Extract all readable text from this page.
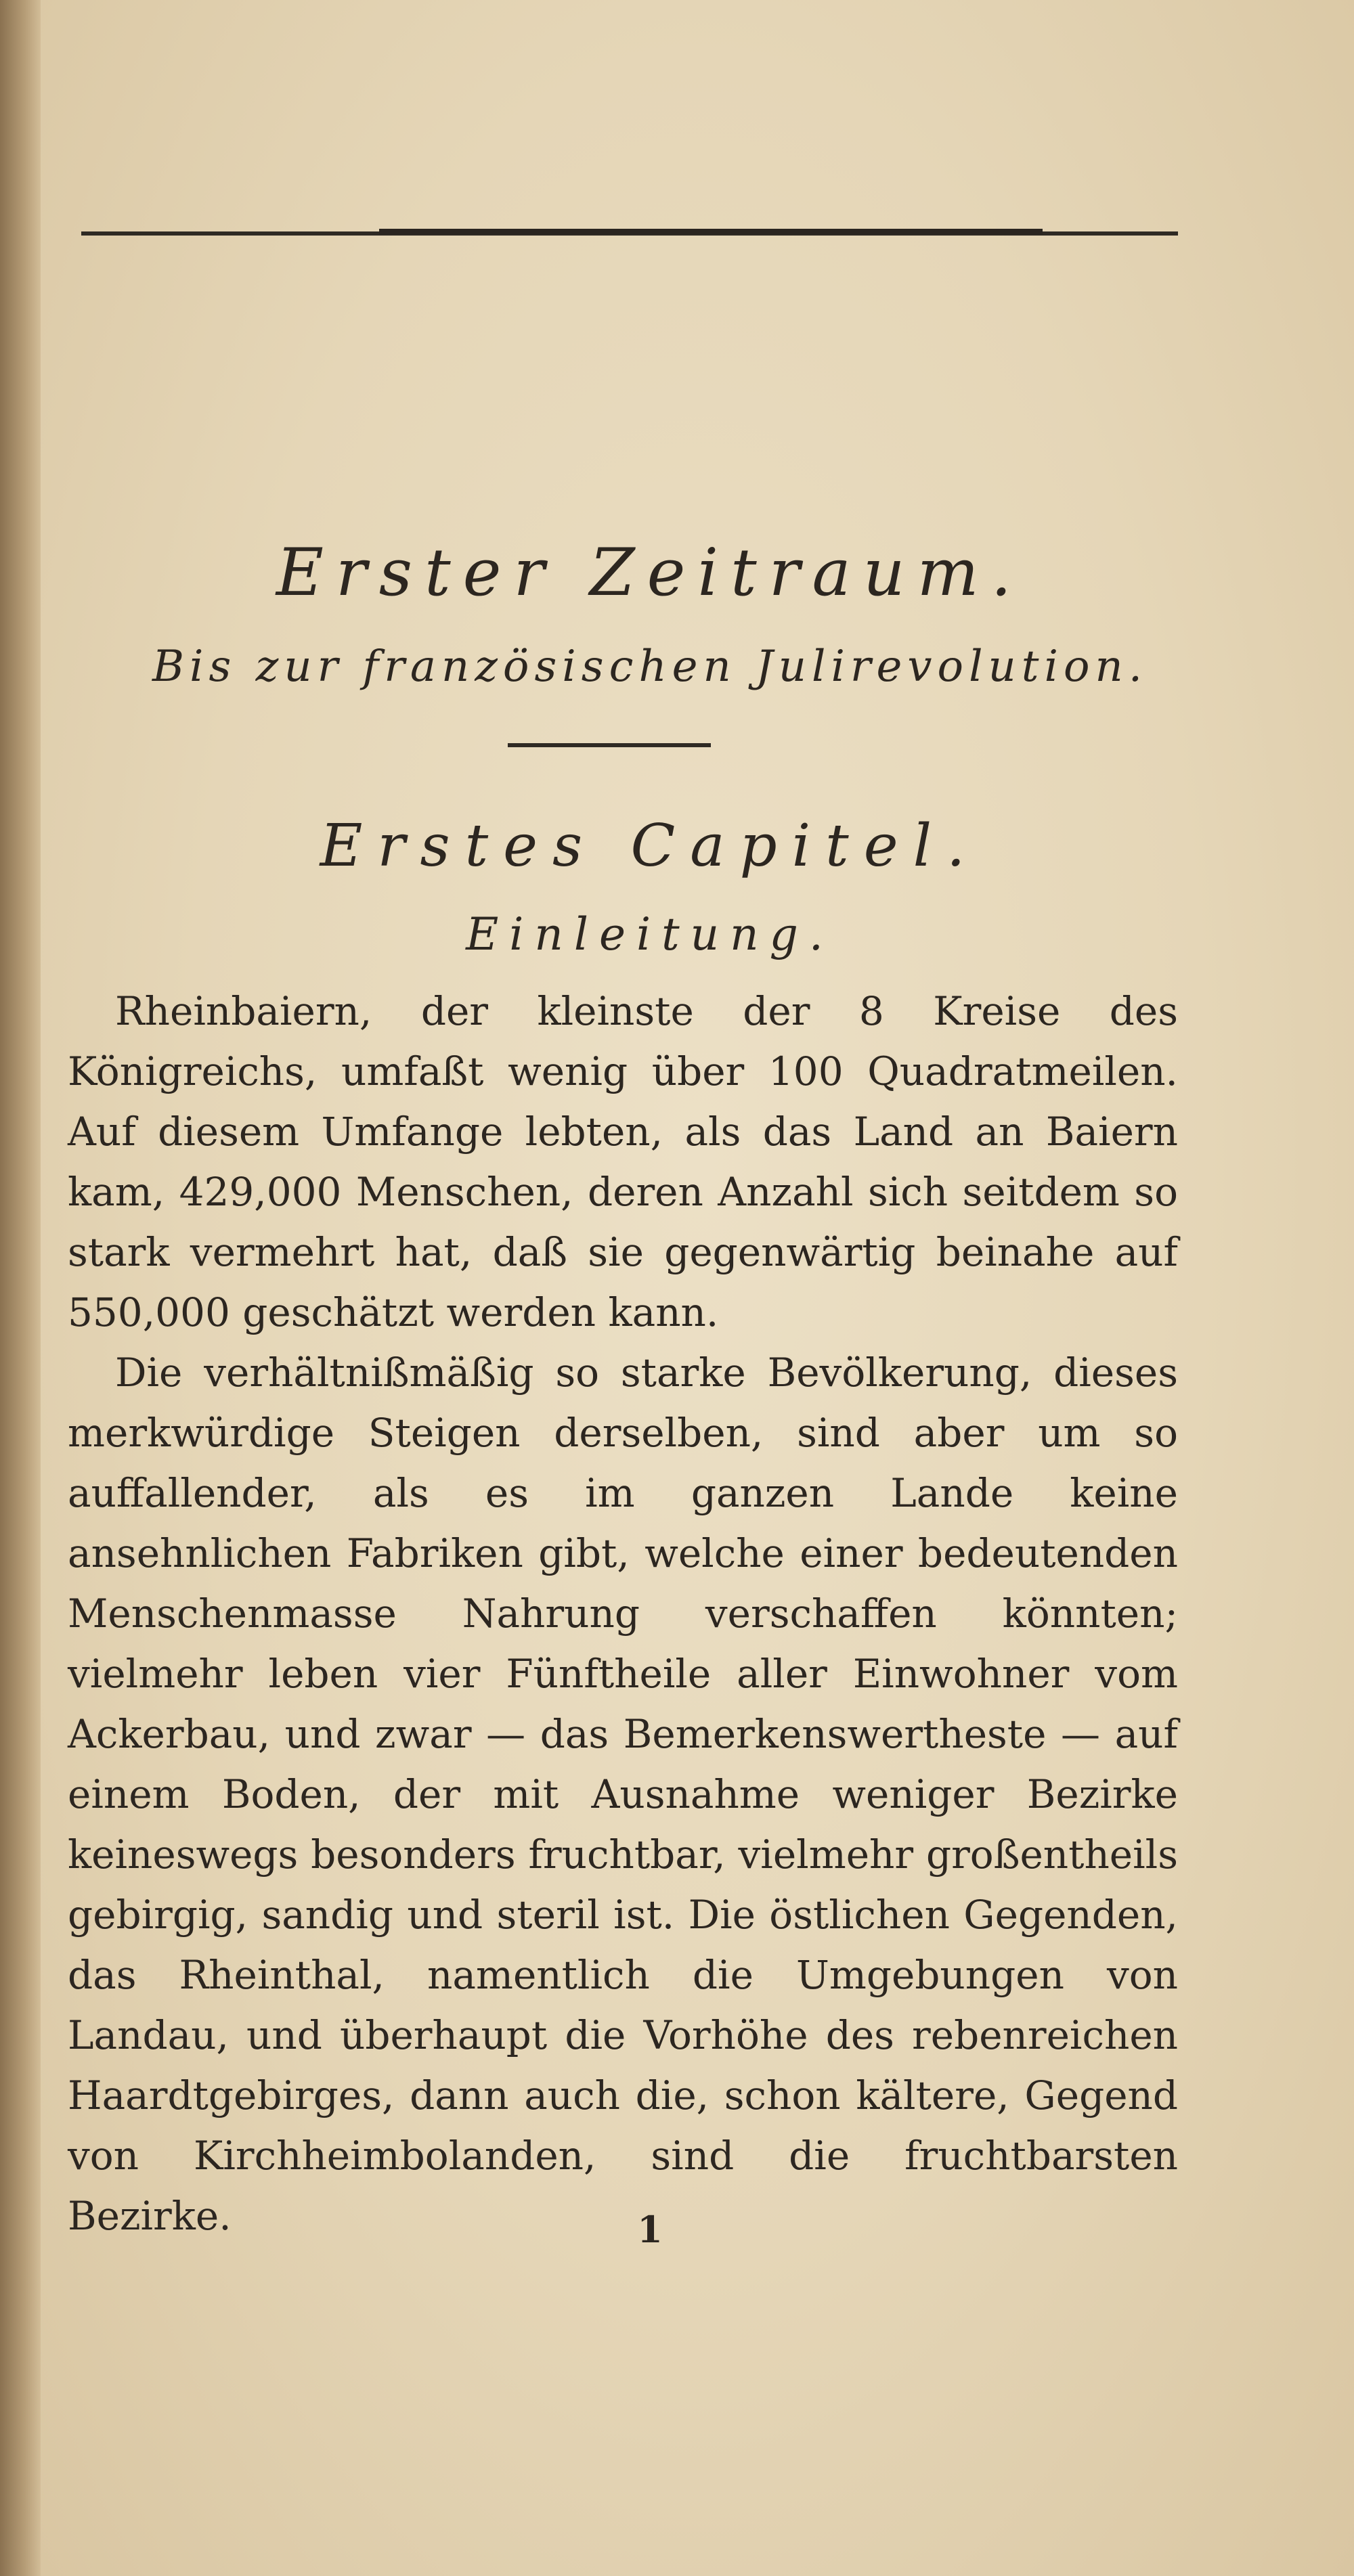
Erster Zeitraum.
Bis zur französischen Julirevolution.
Erstes Capitel.
Einleitung.

Rheinbaiern, der kleinste der 8 Kreise des Königreichs, umfaßt wenig über 100 Quadratmeilen. Auf diesem Umfange lebten, als das Land an Baiern kam, 429,000 Menschen, deren Anzahl sich seitdem so stark vermehrt hat, daß sie gegenwärtig beinahe auf 550,000 geschätzt werden kann.

Die verhältnißmäßig so starke Bevölkerung, dieses merkwürdige Steigen derselben, sind aber um so auffallender, als es im ganzen Lande keine ansehnlichen Fabriken gibt, welche einer bedeutenden Menschenmasse Nahrung verschaffen könnten; vielmehr leben vier Fünftheile aller Einwohner vom Ackerbau, und zwar — das Bemerkenswertheste — auf einem Boden, der mit Ausnahme weniger Bezirke keineswegs besonders fruchtbar, vielmehr großentheils gebirgig, sandig und steril ist. Die östlichen Gegenden, das Rheinthal, namentlich die Umgebungen von Landau, und überhaupt die Vorhöhe des rebenreichen Haardtgebirges, dann auch die, schon kältere, Gegend von Kirchheimbolanden, sind die fruchtbarsten Bezirke.	1
